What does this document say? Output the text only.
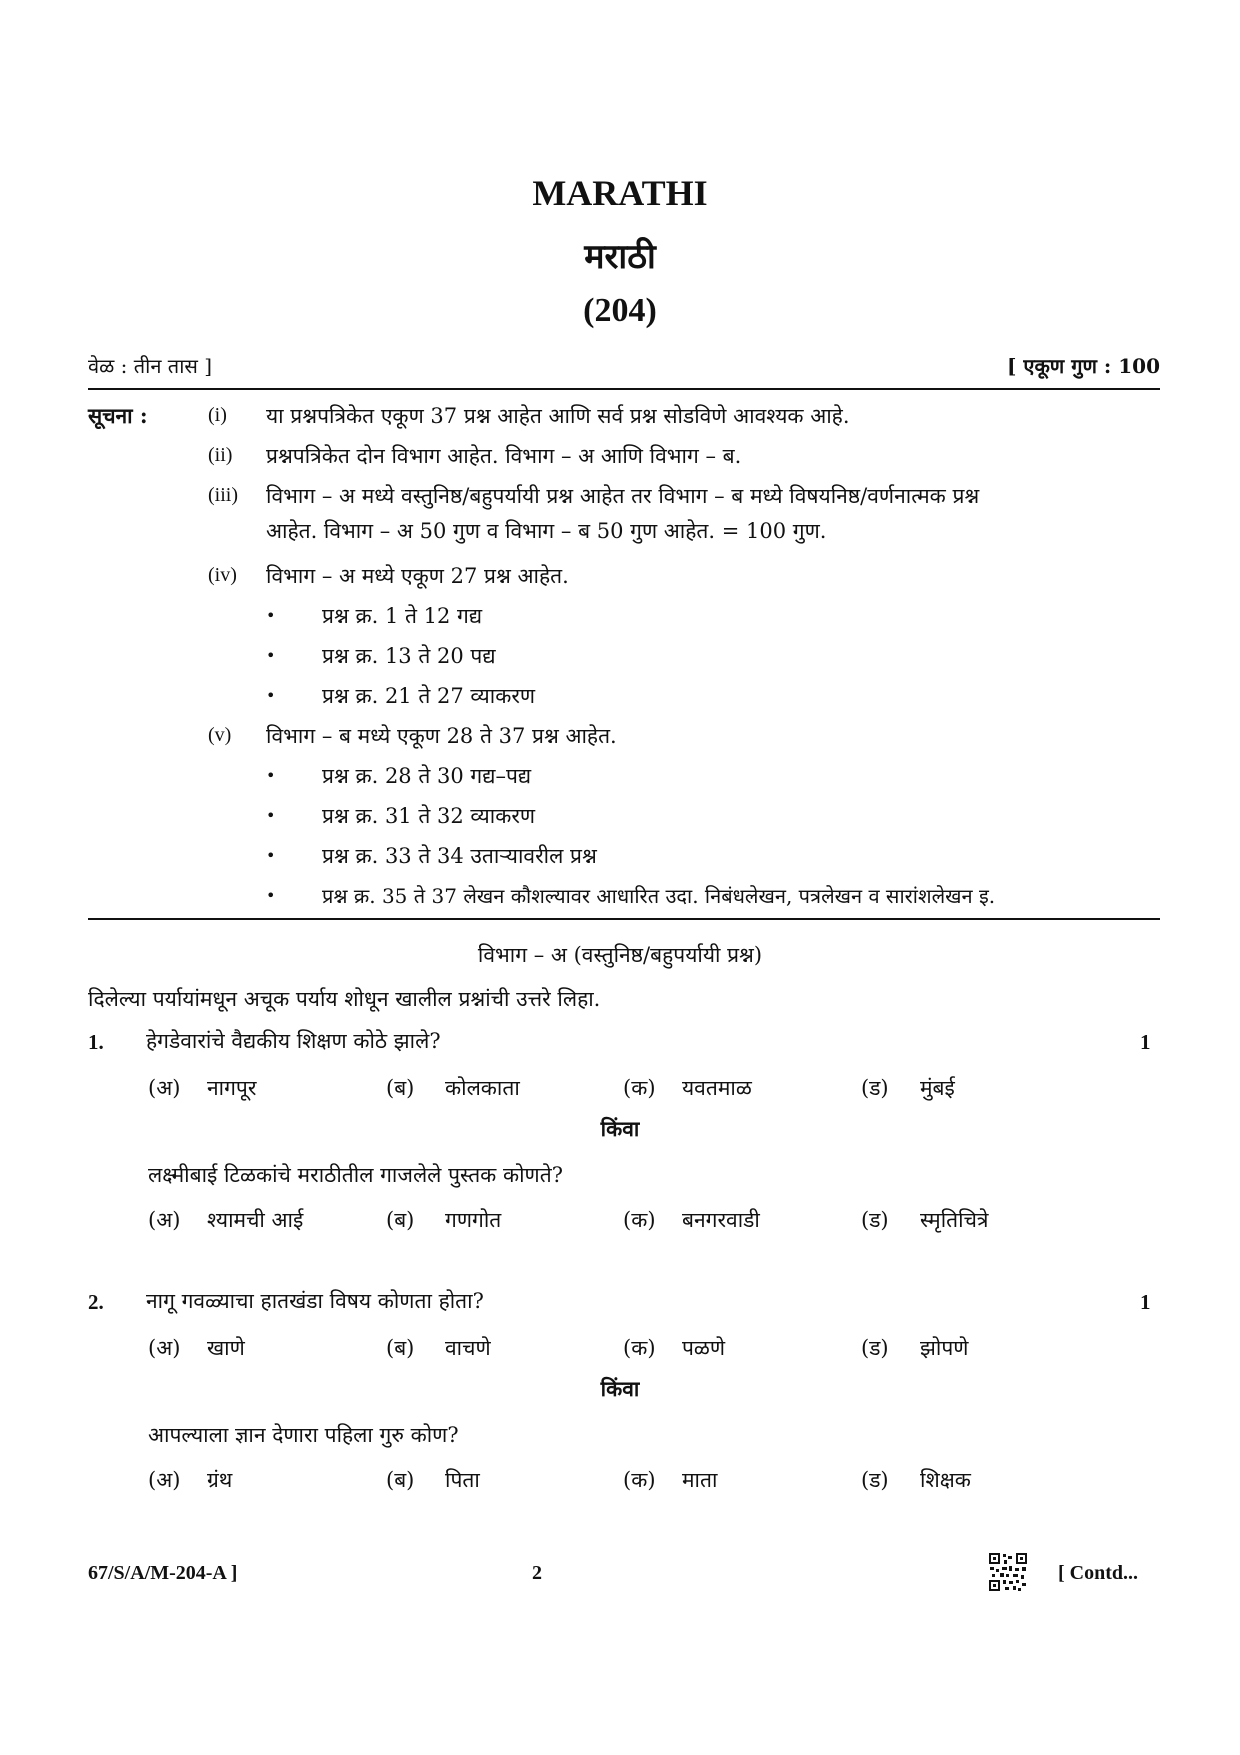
MARATHI
मराठी
(204)
वेळ : तीन तास ]	[ एकूण गुण : 100
सूचना :	(i) या प्रश्नपत्रिकेत एकूण 37 प्रश्न आहेत आणि सर्व प्रश्न सोडविणे आवश्यक आहे.
(ii) प्रश्नपत्रिकेत दोन विभाग आहेत. विभाग – अ आणि विभाग – ब.
(iii) विभाग – अ मध्ये वस्तुनिष्ठ/बहुपर्यायी प्रश्न आहेत तर विभाग – ब मध्ये विषयनिष्ठ/वर्णनात्मक प्रश्न
आहेत. विभाग – अ 50 गुण व विभाग – ब 50 गुण आहेत. = 100 गुण.
(iv) विभाग – अ मध्ये एकूण 27 प्रश्न आहेत.
• प्रश्न क्र. 1 ते 12 गद्य
• प्रश्न क्र. 13 ते 20 पद्य
• प्रश्न क्र. 21 ते 27 व्याकरण
(v) विभाग – ब मध्ये एकूण 28 ते 37 प्रश्न आहेत.
• प्रश्न क्र. 28 ते 30 गद्य–पद्य
• प्रश्न क्र. 31 ते 32 व्याकरण
• प्रश्न क्र. 33 ते 34 उताऱ्यावरील प्रश्न
• प्रश्न क्र. 35 ते 37 लेखन कौशल्यावर आधारित उदा. निबंधलेखन, पत्रलेखन व सारांशलेखन इ.
विभाग – अ (वस्तुनिष्ठ/बहुपर्यायी प्रश्न)
दिलेल्या पर्यायांमधून अचूक पर्याय शोधून खालील प्रश्नांची उत्तरे लिहा.
1. हेगडेवारांचे वैद्यकीय शिक्षण कोठे झाले?	1
(अ) नागपूर	(ब) कोलकाता	(क) यवतमाळ	(ड) मुंबई
किंवा
लक्ष्मीबाई टिळकांचे मराठीतील गाजलेले पुस्तक कोणते?
(अ) श्यामची आई	(ब) गणगोत	(क) बनगरवाडी	(ड) स्मृतिचित्रे
2. नागू गवळ्याचा हातखंडा विषय कोणता होता?	1
(अ) खाणे	(ब) वाचणे	(क) पळणे	(ड) झोपणे
किंवा
आपल्याला ज्ञान देणारा पहिला गुरु कोण?
(अ) ग्रंथ	(ब) पिता	(क) माता	(ड) शिक्षक
67/S/A/M-204-A ]	2	[ Contd...
